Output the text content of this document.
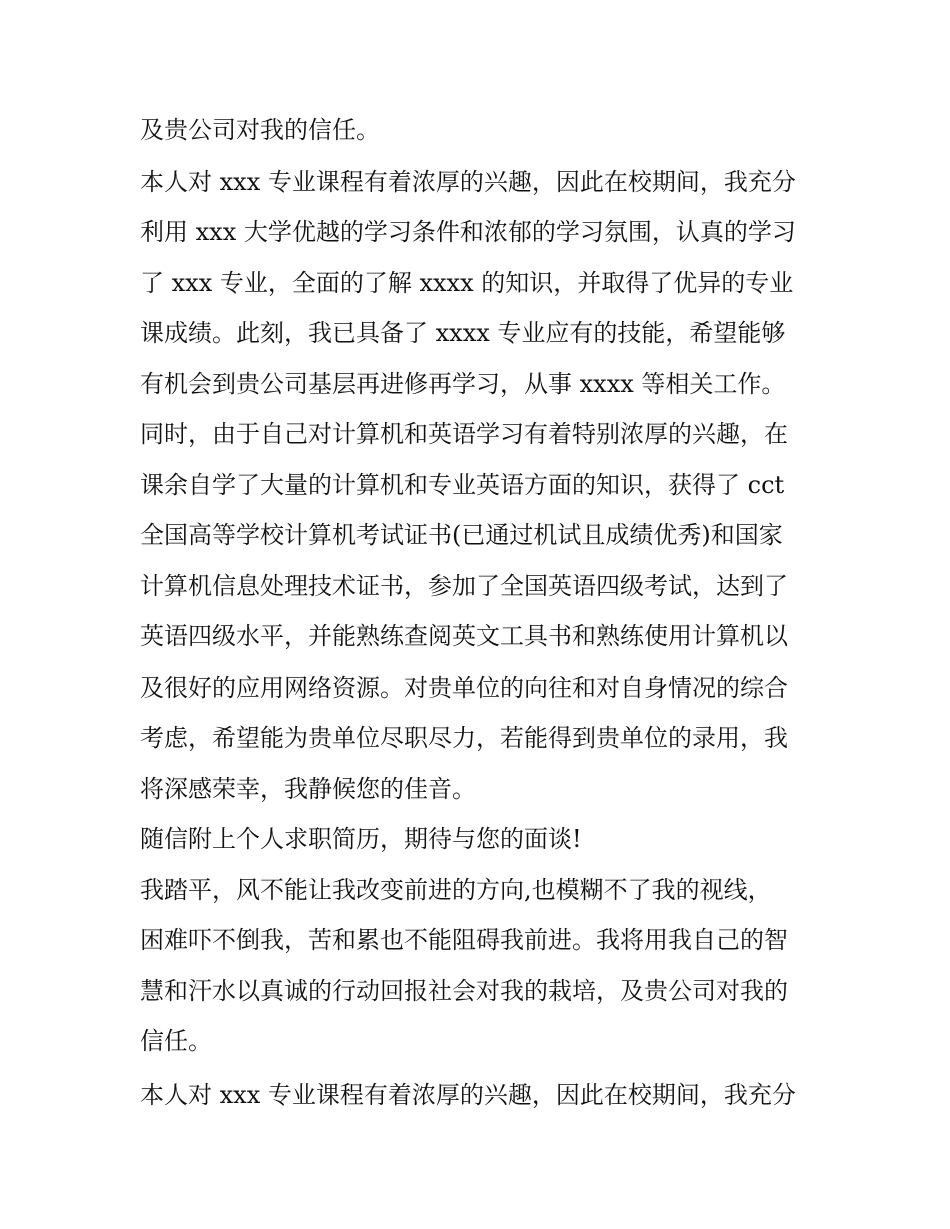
及贵公司对我的信任。
本人对 xxx 专业课程有着浓厚的兴趣，因此在校期间，我充分
利用 xxx 大学优越的学习条件和浓郁的学习氛围，认真的学习
了 xxx 专业，全面的了解 xxxx 的知识，并取得了优异的专业
课成绩。此刻，我已具备了 xxxx 专业应有的技能，希望能够
有机会到贵公司基层再进修再学习，从事 xxxx 等相关工作。
同时，由于自己对计算机和英语学习有着特别浓厚的兴趣，在
课余自学了大量的计算机和专业英语方面的知识，获得了 cct
全国高等学校计算机考试证书(已通过机试且成绩优秀)和国家
计算机信息处理技术证书，参加了全国英语四级考试，达到了
英语四级水平，并能熟练查阅英文工具书和熟练使用计算机以
及很好的应用网络资源。对贵单位的向往和对自身情况的综合
考虑，希望能为贵单位尽职尽力，若能得到贵单位的录用，我
将深感荣幸，我静候您的佳音。
随信附上个人求职简历，期待与您的面谈!
我踏平，风不能让我改变前进的方向,也模糊不了我的视线，
困难吓不倒我，苦和累也不能阻碍我前进。我将用我自己的智
慧和汗水以真诚的行动回报社会对我的栽培，及贵公司对我的
信任。
本人对 xxx 专业课程有着浓厚的兴趣，因此在校期间，我充分
